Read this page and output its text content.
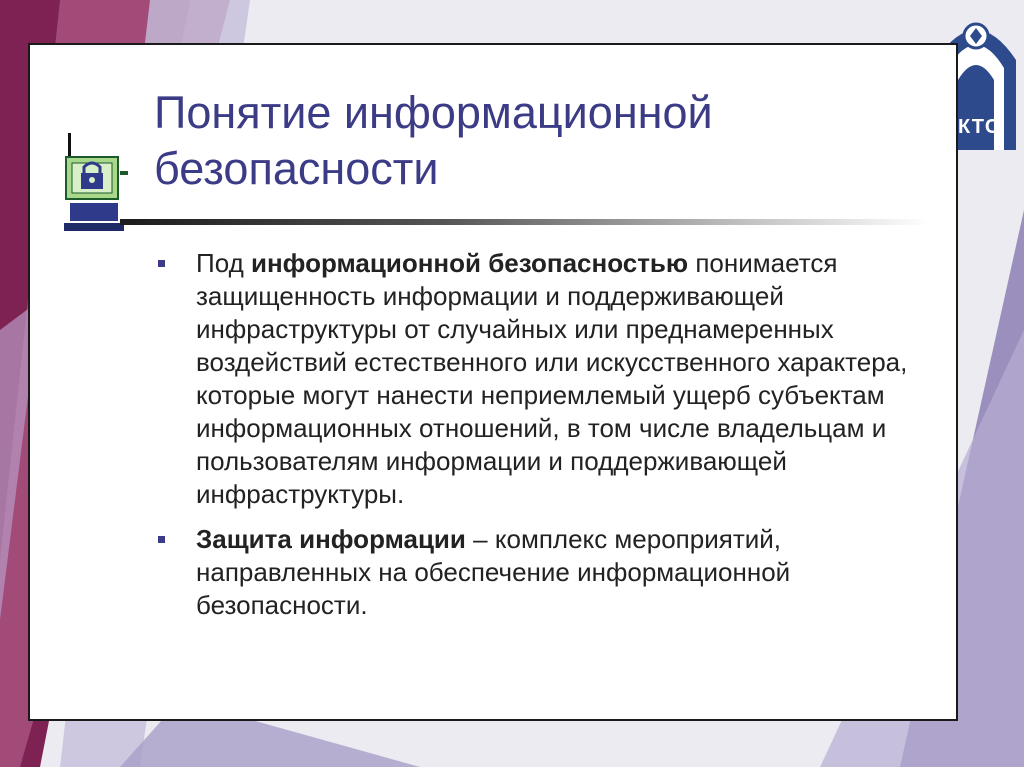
КТС
Понятие информационной
безопасности
Под информационной безопасностью понимается защищенность информации и поддерживающей инфраструктуры от случайных или преднамеренных воздействий естественного или искусственного характера, которые могут нанести неприемлемый ущерб субъектам информационных отношений, в том числе владельцам и пользователям информации и поддерживающей инфраструктуры.
Защита информации – комплекс мероприятий, направленных на обеспечение информационной безопасности.
